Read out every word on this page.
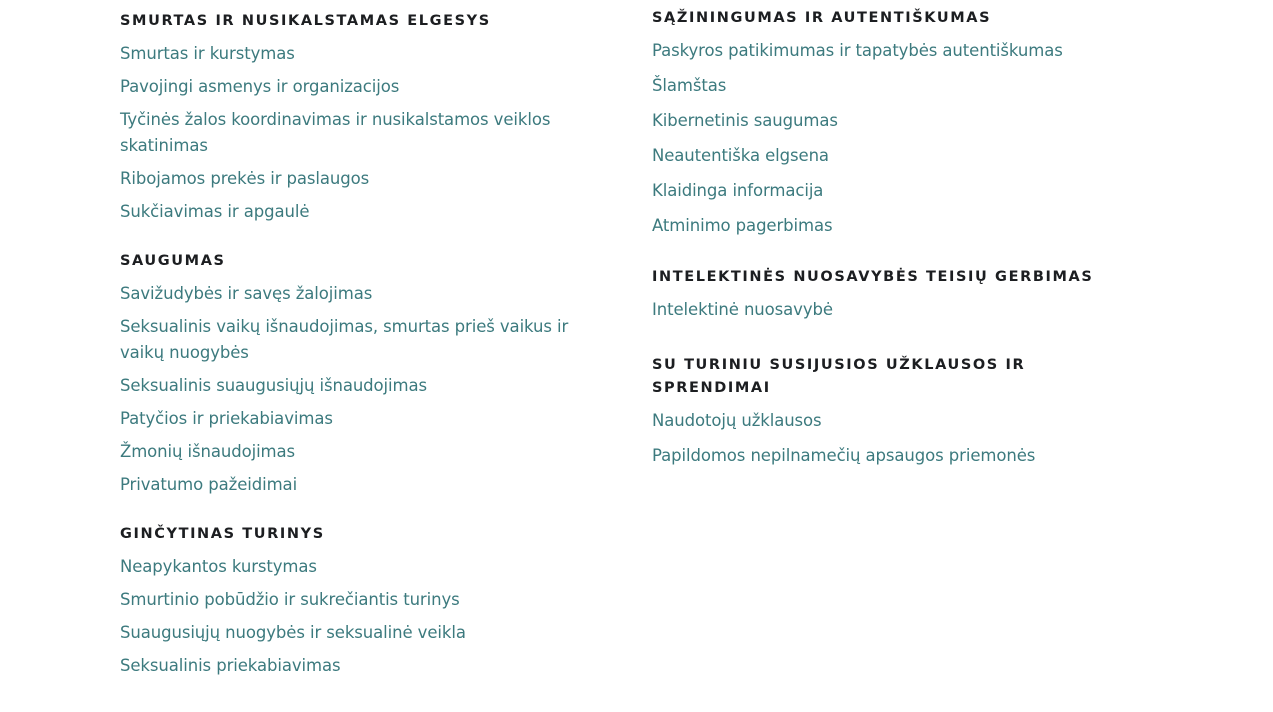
SMURTAS IR NUSIKALSTAMAS ELGESYS
Smurtas ir kurstymas
Pavojingi asmenys ir organizacijos
Tyčinės žalos koordinavimas ir nusikalstamos veiklos skatinimas
Ribojamos prekės ir paslaugos
Sukčiavimas ir apgaulė
SAUGUMAS
Savižudybės ir savęs žalojimas
Seksualinis vaikų išnaudojimas, smurtas prieš vaikus ir vaikų nuogybės
Seksualinis suaugusiųjų išnaudojimas
Patyčios ir priekabiavimas
Žmonių išnaudojimas
Privatumo pažeidimai
GINČYTINAS TURINYS
Neapykantos kurstymas
Smurtinio pobūdžio ir sukrečiantis turinys
Suaugusiųjų nuogybės ir seksualinė veikla
Seksualinis priekabiavimas
SĄŽININGUMAS IR AUTENTIŠKUMAS
Paskyros patikimumas ir tapatybės autentiškumas
Šlamštas
Kibernetinis saugumas
Neautentiška elgsena
Klaidinga informacija
Atminimo pagerbimas
INTELEKTINĖS NUOSAVYBĖS TEISIŲ GERBIMAS
Intelektinė nuosavybė
SU TURINIU SUSIJUSIOS UŽKLAUSOS IR SPRENDIMAI
Naudotojų užklausos
Papildomos nepilnamečių apsaugos priemonės
